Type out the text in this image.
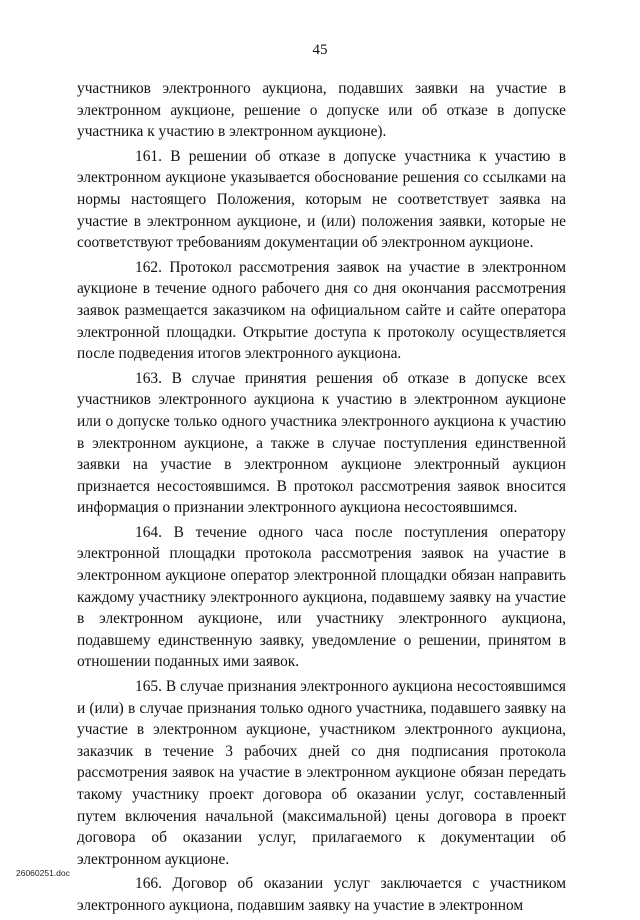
45

участников электронного аукциона, подавших заявки на участие в электронном аукционе, решение о допуске или об отказе в допуске участника к участию в электронном аукционе).

161. В решении об отказе в допуске участника к участию в электронном аукционе указывается обоснование решения со ссылками на нормы настоящего Положения, которым не соответствует заявка на участие в электронном аукционе, и (или) положения заявки, которые не соответствуют требованиям документации об электронном аукционе.

162. Протокол рассмотрения заявок на участие в электронном аукционе в течение одного рабочего дня со дня окончания рассмотрения заявок размещается заказчиком на официальном сайте и сайте оператора электронной площадки. Открытие доступа к протоколу осуществляется после подведения итогов электронного аукциона.

163. В случае принятия решения об отказе в допуске всех участников электронного аукциона к участию в электронном аукционе или о допуске только одного участника электронного аукциона к участию в электронном аукционе, а также в случае поступления единственной заявки на участие в электронном аукционе электронный аукцион признается несостоявшимся. В протокол рассмотрения заявок вносится информация о признании электронного аукциона несостоявшимся.

164. В течение одного часа после поступления оператору электронной площадки протокола рассмотрения заявок на участие в электронном аукционе оператор электронной площадки обязан направить каждому участнику электронного аукциона, подавшему заявку на участие в электронном аукционе, или участнику электронного аукциона, подавшему единственную заявку, уведомление о решении, принятом в отношении поданных ими заявок.

165. В случае признания электронного аукциона несостоявшимся и (или) в случае признания только одного участника, подавшего заявку на участие в электронном аукционе, участником электронного аукциона, заказчик в течение 3 рабочих дней со дня подписания протокола рассмотрения заявок на участие в электронном аукционе обязан передать такому участнику проект договора об оказании услуг, составленный путем включения начальной (максимальной) цены договора в проект договора об оказании услуг, прилагаемого к документации об электронном аукционе.

166. Договор об оказании услуг заключается с участником электронного аукциона, подавшим заявку на участие в электронном

26060251.doc
